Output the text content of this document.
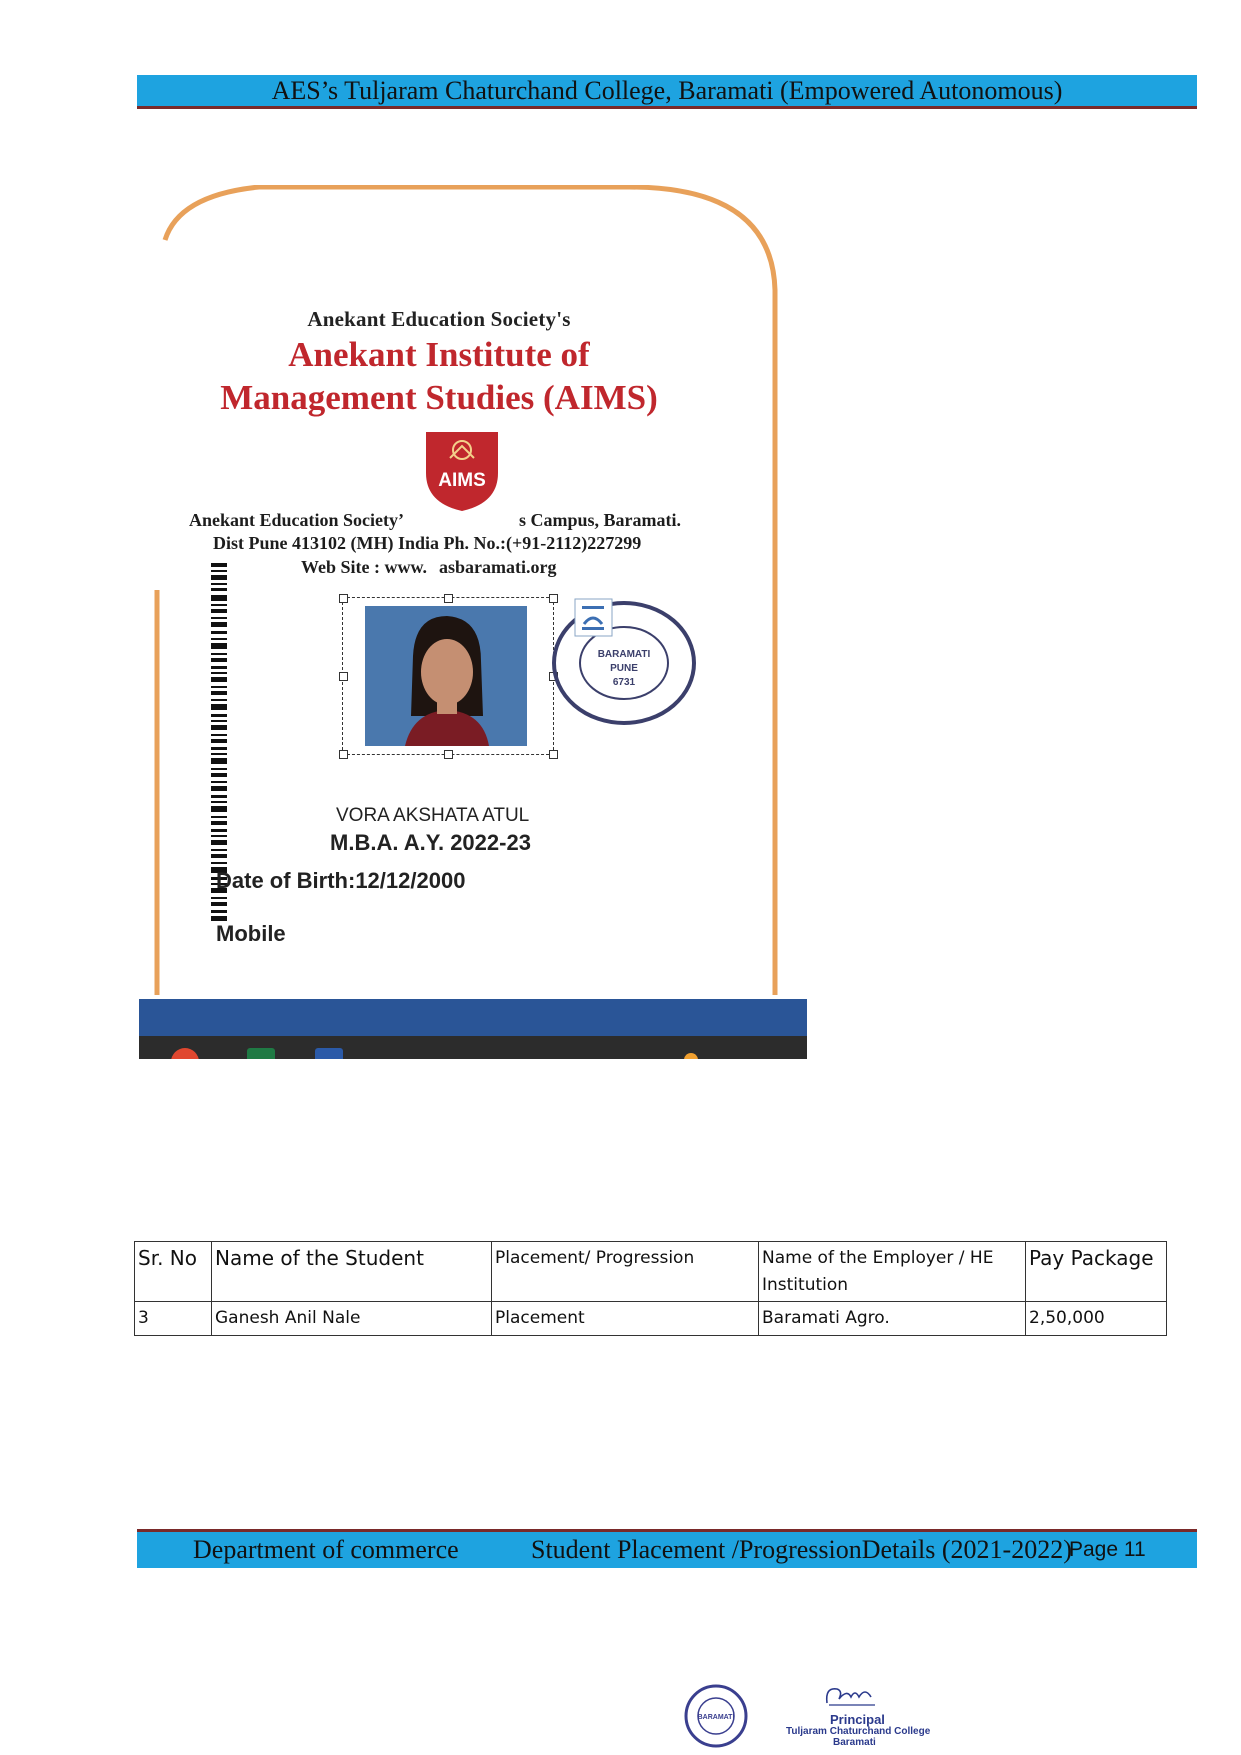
AES’s Tuljaram Chaturchand College, Baramati (Empowered Autonomous)
Anekant Education Society's
Anekant Institute of
Management Studies (AIMS)
AIMS
Anekant Education Society’	s Campus, Baramati.
Dist Pune 413102 (MH) India Ph. No.:(+91-2112)227299
Web Site : www. asbaramati.org
BARAMATI
PUNE
6731
VORA AKSHATA ATUL
M.B.A. A.Y. 2022-23
Date of Birth:12/12/2000
Mobile
Sr. No	Name of the Student	Placement/ Progression	Name of the Employer / HE Institution	Pay Package
3	Ganesh Anil Nale	Placement	Baramati Agro.	2,50,000
Department of commerce	Student Placement /ProgressionDetails (2021-2022)
Page 11
BARAMATI	Principal
Tuljaram Chaturchand College
Baramati
